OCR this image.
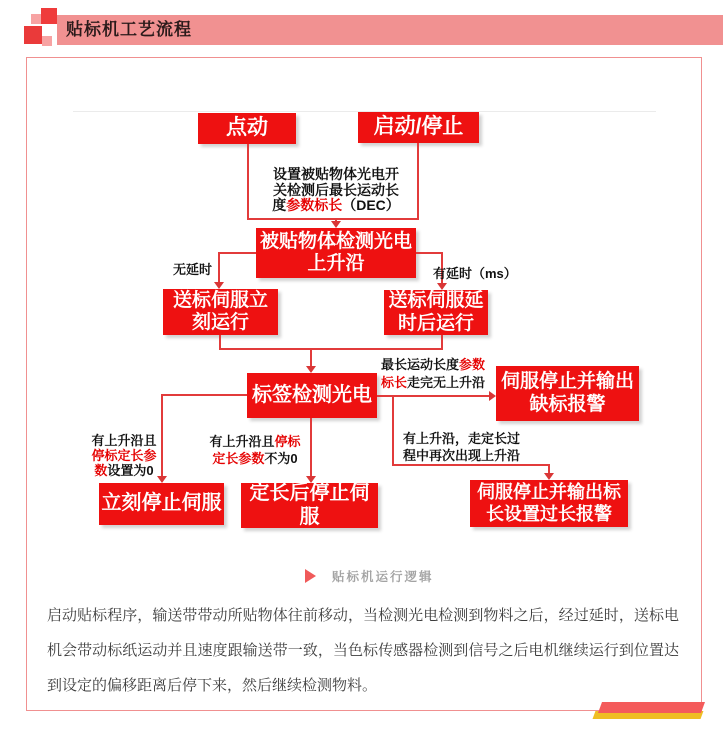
贴标机工艺流程
点动	启动/停止
被贴物体检测光电
上升沿
送标伺服立
刻运行
送标伺服延
时后运行
标签检测光电
立刻停止伺服	定长后停止伺服
伺服停止并输出
缺标报警
伺服停止并输出标
长设置过长报警
设置被贴物体光电开
关检测后最长运动长
度参数标长（DEC）
无延时	有延时（ms）
有上升沿且
停标定长参
数设置为0
有上升沿且停标
定长参数不为0
最长运动长度参数
标长走完无上升沿
有上升沿，走定长过
程中再次出现上升沿
贴标机运行逻辑
启动贴标程序，输送带带动所贴物体往前移动，当检测光电检测到物料之后，经过延时，送标电机会带动标纸运动并且速度跟输送带一致，当色标传感器检测到信号之后电机继续运行到位置达到设定的偏移距离后停下来，然后继续检测物料。
